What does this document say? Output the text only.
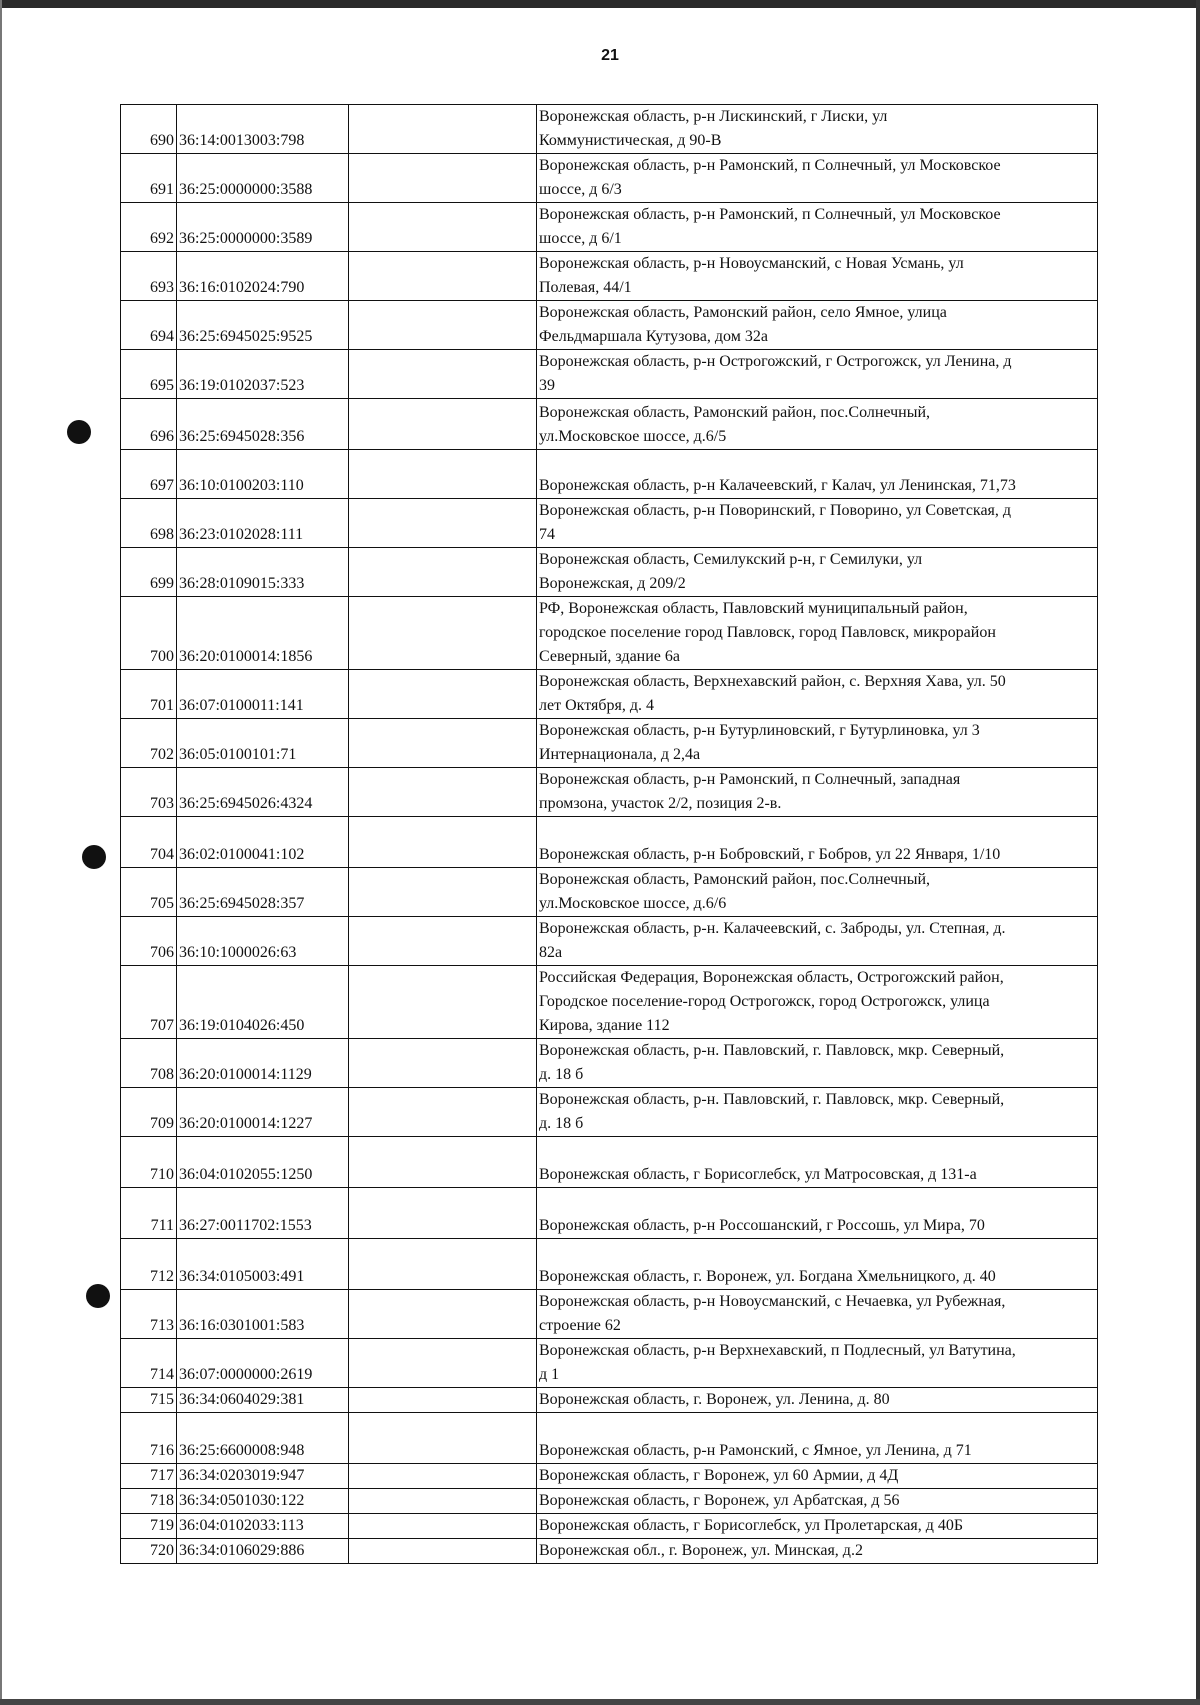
21
690	36:14:0013003:798		Воронежская область, р-н Лискинский, г Лиски, ул
Коммунистическая, д 90-В

691	36:25:0000000:3588		Воронежская область, р-н Рамонский, п Солнечный, ул Московское
шоссе, д 6/3

692	36:25:0000000:3589		Воронежская область, р-н Рамонский, п Солнечный, ул Московское
шоссе, д 6/1

693	36:16:0102024:790		Воронежская область, р-н Новоусманский, с Новая Усмань, ул
Полевая, 44/1

694	36:25:6945025:9525		Воронежская область, Рамонский район, село Ямное, улица
Фельдмаршала Кутузова, дом 32а

695	36:19:0102037:523		Воронежская область, р-н Острогожский, г Острогожск, ул Ленина, д
39

696	36:25:6945028:356		Воронежская область, Рамонский район, пос.Солнечный,
ул.Московское шоссе, д.6/5

697	36:10:0100203:110		Воронежская область, р-н Калачеевский, г Калач, ул Ленинская, 71,73

698	36:23:0102028:111		Воронежская область, р-н Поворинский, г Поворино, ул Советская, д
74

699	36:28:0109015:333		Воронежская область, Семилукский р-н, г Семилуки, ул
Воронежская, д 209/2

700	36:20:0100014:1856		РФ, Воронежская область, Павловский муниципальный район,
городское поселение город Павловск, город Павловск, микрорайон
Северный, здание 6а

701	36:07:0100011:141		Воронежская область, Верхнехавский район, с. Верхняя Хава, ул. 50
лет Октября, д. 4

702	36:05:0100101:71		Воронежская область, р-н Бутурлиновский, г Бутурлиновка, ул 3
Интернационала, д 2,4а

703	36:25:6945026:4324		Воронежская область, р-н Рамонский, п Солнечный, западная
промзона, участок 2/2, позиция 2-в.

704	36:02:0100041:102		Воронежская область, р-н Бобровский, г Бобров, ул 22 Января, 1/10

705	36:25:6945028:357		Воронежская область, Рамонский район, пос.Солнечный,
ул.Московское шоссе, д.6/6

706	36:10:1000026:63		Воронежская область, р-н. Калачеевский, с. Заброды, ул. Степная, д.
82а

707	36:19:0104026:450		Российская Федерация, Воронежская область, Острогожский район,
Городское поселение-город Острогожск, город Острогожск, улица
Кирова, здание 112

708	36:20:0100014:1129		Воронежская область, р-н. Павловский, г. Павловск, мкр. Северный,
д. 18 б

709	36:20:0100014:1227		Воронежская область, р-н. Павловский, г. Павловск, мкр. Северный,
д. 18 б

710	36:04:0102055:1250		Воронежская область, г Борисоглебск, ул Матросовская, д 131-а

711	36:27:0011702:1553		Воронежская область, р-н Россошанский, г Россошь, ул Мира, 70

712	36:34:0105003:491		Воронежская область, г. Воронеж, ул. Богдана Хмельницкого, д. 40

713	36:16:0301001:583		Воронежская область, р-н Новоусманский, с Нечаевка, ул Рубежная,
строение 62

714	36:07:0000000:2619		Воронежская область, р-н Верхнехавский, п Подлесный, ул Ватутина,
д 1

715	36:34:0604029:381		Воронежская область, г. Воронеж, ул. Ленина, д. 80

716	36:25:6600008:948		Воронежская область, р-н Рамонский, с Ямное, ул Ленина, д 71

717	36:34:0203019:947		Воронежская область, г Воронеж, ул 60 Армии, д 4Д

718	36:34:0501030:122		Воронежская область, г Воронеж, ул Арбатская, д 56

719	36:04:0102033:113		Воронежская область, г Борисоглебск, ул Пролетарская, д 40Б

720	36:34:0106029:886		Воронежская обл., г. Воронеж, ул. Минская, д.2
